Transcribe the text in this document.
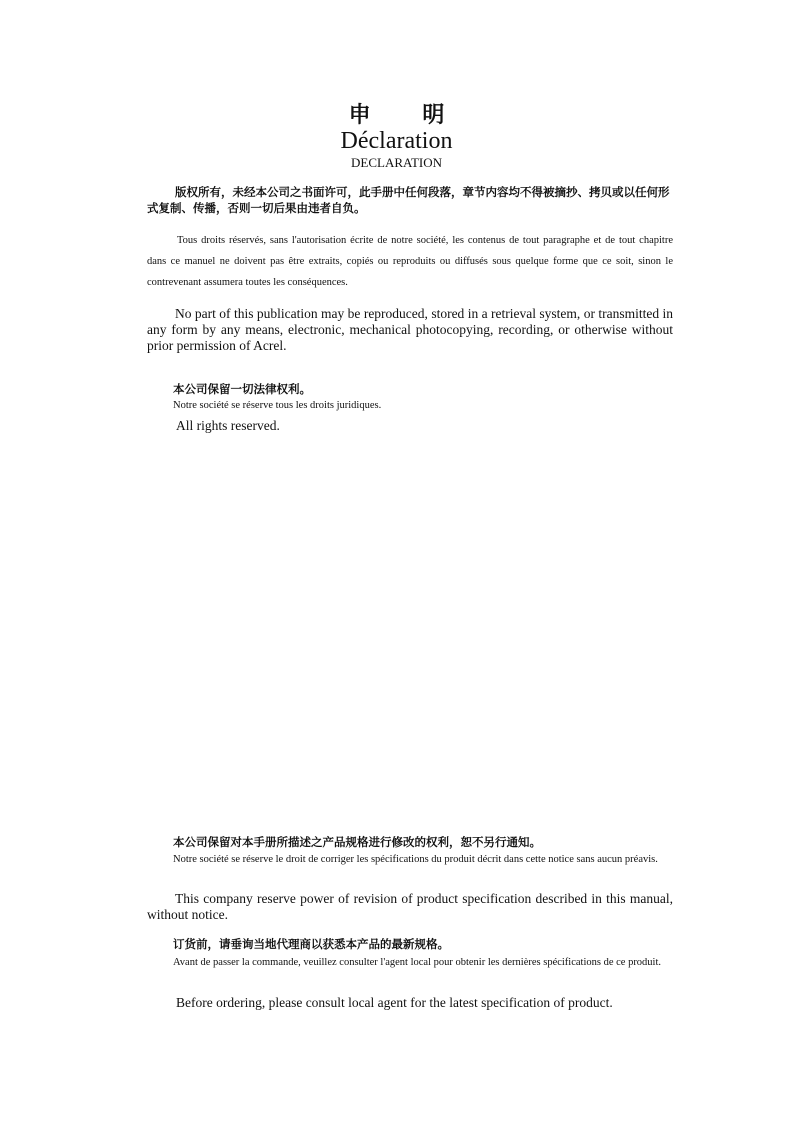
申 明
Déclaration
DECLARATION

版权所有，未经本公司之书面许可，此手册中任何段落，章节内容均不得被摘抄、拷贝或以任何形式复制、传播，否则一切后果由违者自负。

Tous droits réservés, sans l'autorisation écrite de notre société, les contenus de tout paragraphe et de tout chapitre dans ce manuel ne doivent pas être extraits, copiés ou reproduits ou diffusés sous quelque forme que ce soit, sinon le contrevenant assumera toutes les conséquences.

No part of this publication may be reproduced, stored in a retrieval system, or transmitted in any form by any means, electronic, mechanical photocopying, recording, or otherwise without prior permission of Acrel.

本公司保留一切法律权利。

Notre société se réserve tous les droits juridiques.

All rights reserved.

本公司保留对本手册所描述之产品规格进行修改的权利，恕不另行通知。

Notre société se réserve le droit de corriger les spécifications du produit décrit dans cette notice sans aucun préavis.

This company reserve power of revision of product specification described in this manual, without notice.

订货前，请垂询当地代理商以获悉本产品的最新规格。

Avant de passer la commande, veuillez consulter l'agent local pour obtenir les dernières spécifications de ce produit.

Before ordering, please consult local agent for the latest specification of product.
